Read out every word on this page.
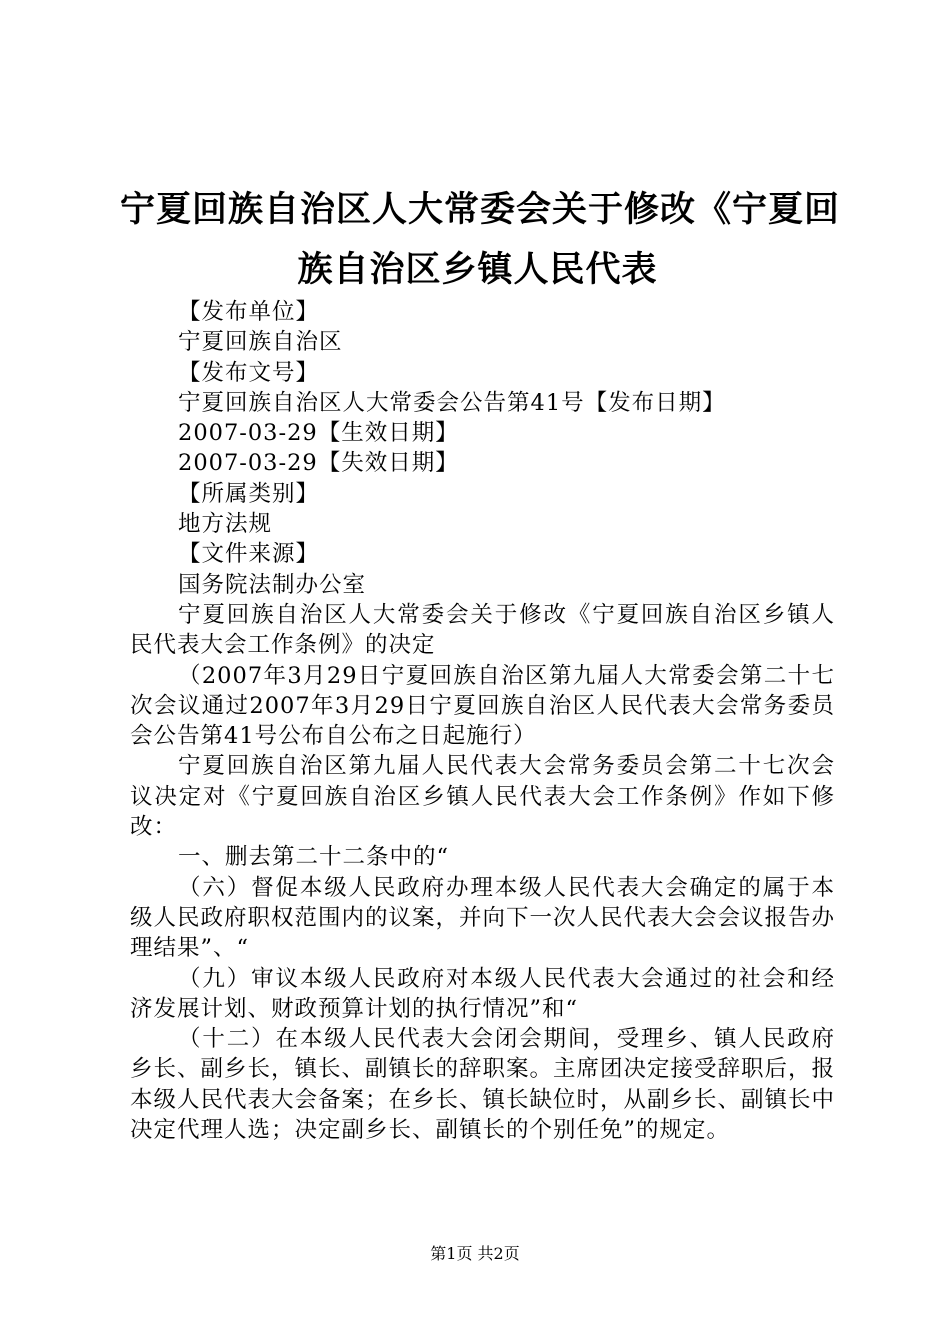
宁夏回族自治区人大常委会关于修改《宁夏回
族自治区乡镇人民代表
【发布单位】
宁夏回族自治区
【发布文号】
宁夏回族自治区人大常委会公告第41号【发布日期】
2007-03-29【生效日期】
2007-03-29【失效日期】
【所属类别】
地方法规
【文件来源】
国务院法制办公室

宁夏回族自治区人大常委会关于修改《宁夏回族自治区乡镇人民代表大会工作条例》的决定

（2007年3月29日宁夏回族自治区第九届人大常委会第二十七次会议通过2007年3月29日宁夏回族自治区人民代表大会常务委员会公告第41号公布自公布之日起施行）

宁夏回族自治区第九届人民代表大会常务委员会第二十七次会议决定对《宁夏回族自治区乡镇人民代表大会工作条例》作如下修改：

一、删去第二十二条中的“

（六）督促本级人民政府办理本级人民代表大会确定的属于本级人民政府职权范围内的议案，并向下一次人民代表大会会议报告办理结果”、“

（九）审议本级人民政府对本级人民代表大会通过的社会和经济发展计划、财政预算计划的执行情况”和“

（十二）在本级人民代表大会闭会期间，受理乡、镇人民政府乡长、副乡长，镇长、副镇长的辞职案。主席团决定接受辞职后，报本级人民代表大会备案；在乡长、镇长缺位时，从副乡长、副镇长中决定代理人选；决定副乡长、副镇长的个别任免”的规定。

第1页 共2页
